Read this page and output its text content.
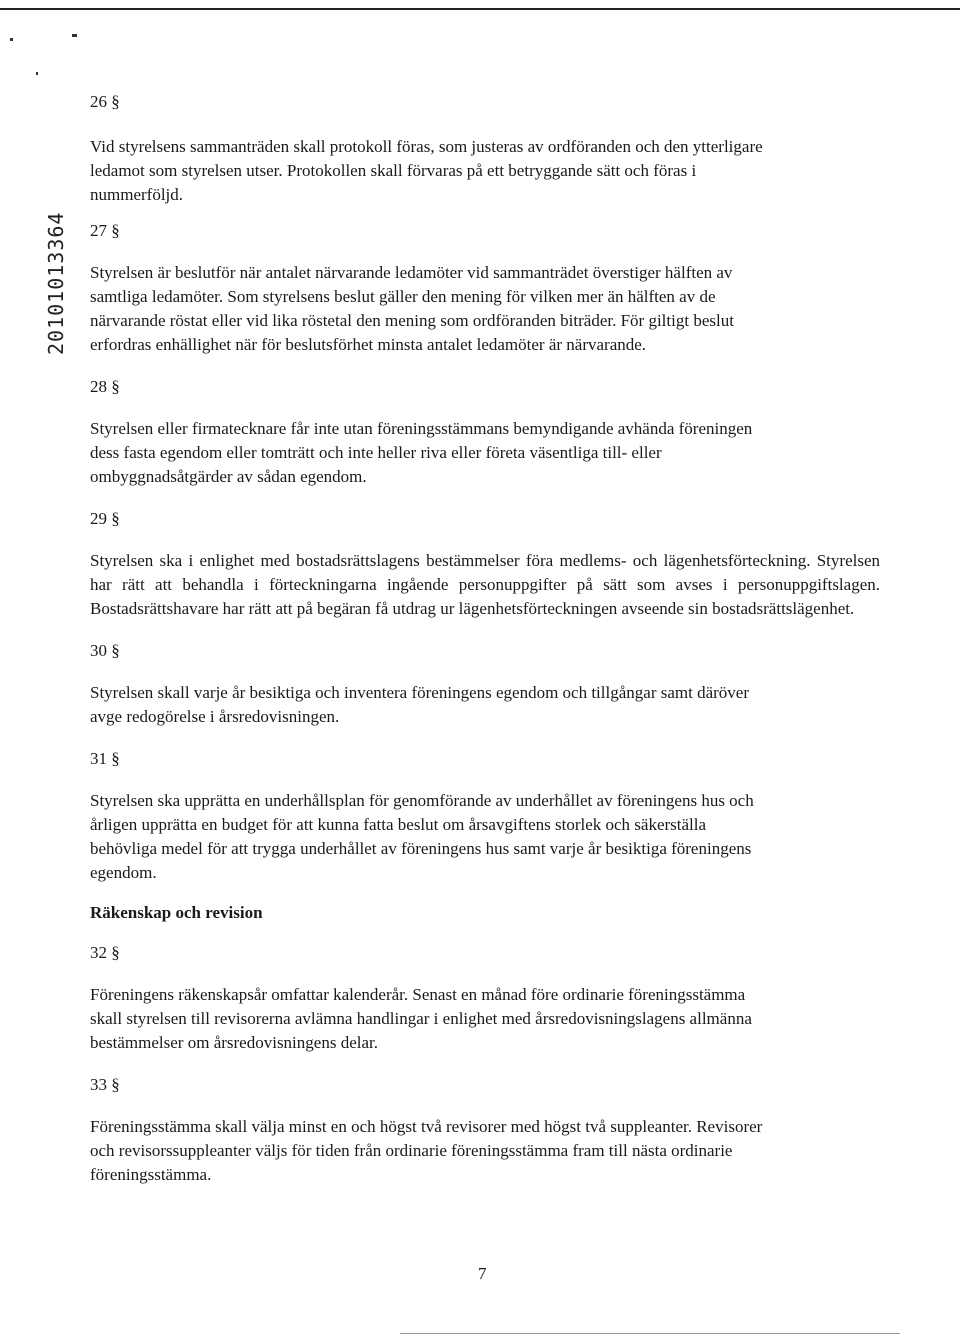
20101013364

26 §

Vid styrelsens sammanträden skall protokoll föras, som justeras av ordföranden och den ytterligare
ledamot som styrelsen utser. Protokollen skall förvaras på ett betryggande sätt och föras i
nummerföljd.

27 §

Styrelsen är beslutför när antalet närvarande ledamöter vid sammanträdet överstiger hälften av
samtliga ledamöter. Som styrelsens beslut gäller den mening för vilken mer än hälften av de
närvarande röstat eller vid lika röstetal den mening som ordföranden biträder. För giltigt beslut
erfordras enhällighet när för beslutsförhet minsta antalet ledamöter är närvarande.

28 §

Styrelsen eller firmatecknare får inte utan föreningsstämmans bemyndigande avhända föreningen
dess fasta egendom eller tomträtt och inte heller riva eller företa väsentliga till- eller
ombyggnadsåtgärder av sådan egendom.

29 §

Styrelsen ska i enlighet med bostadsrättslagens bestämmelser föra medlems- och lägenhetsförteckning. Styrelsen har rätt att behandla i förteckningarna ingående personuppgifter på sätt som avses i personuppgiftslagen. Bostadsrättshavare har rätt att på begäran få utdrag ur lägenhetsförteckningen avseende sin bostadsrättslägenhet.

30 §

Styrelsen skall varje år besiktiga och inventera föreningens egendom och tillgångar samt däröver
avge redogörelse i årsredovisningen.

31 §

Styrelsen ska upprätta en underhållsplan för genomförande av underhållet av föreningens hus och
årligen upprätta en budget för att kunna fatta beslut om årsavgiftens storlek och säkerställa
behövliga medel för att trygga underhållet av föreningens hus samt varje år besiktiga föreningens
egendom.

Räkenskap och revision

32 §

Föreningens räkenskapsår omfattar kalenderår. Senast en månad före ordinarie föreningsstämma
skall styrelsen till revisorerna avlämna handlingar i enlighet med årsredovisningslagens allmänna
bestämmelser om årsredovisningens delar.

33 §

Föreningsstämma skall välja minst en och högst två revisorer med högst två suppleanter. Revisorer
och revisorssuppleanter väljs för tiden från ordinarie föreningsstämma fram till nästa ordinarie
föreningsstämma.

7
